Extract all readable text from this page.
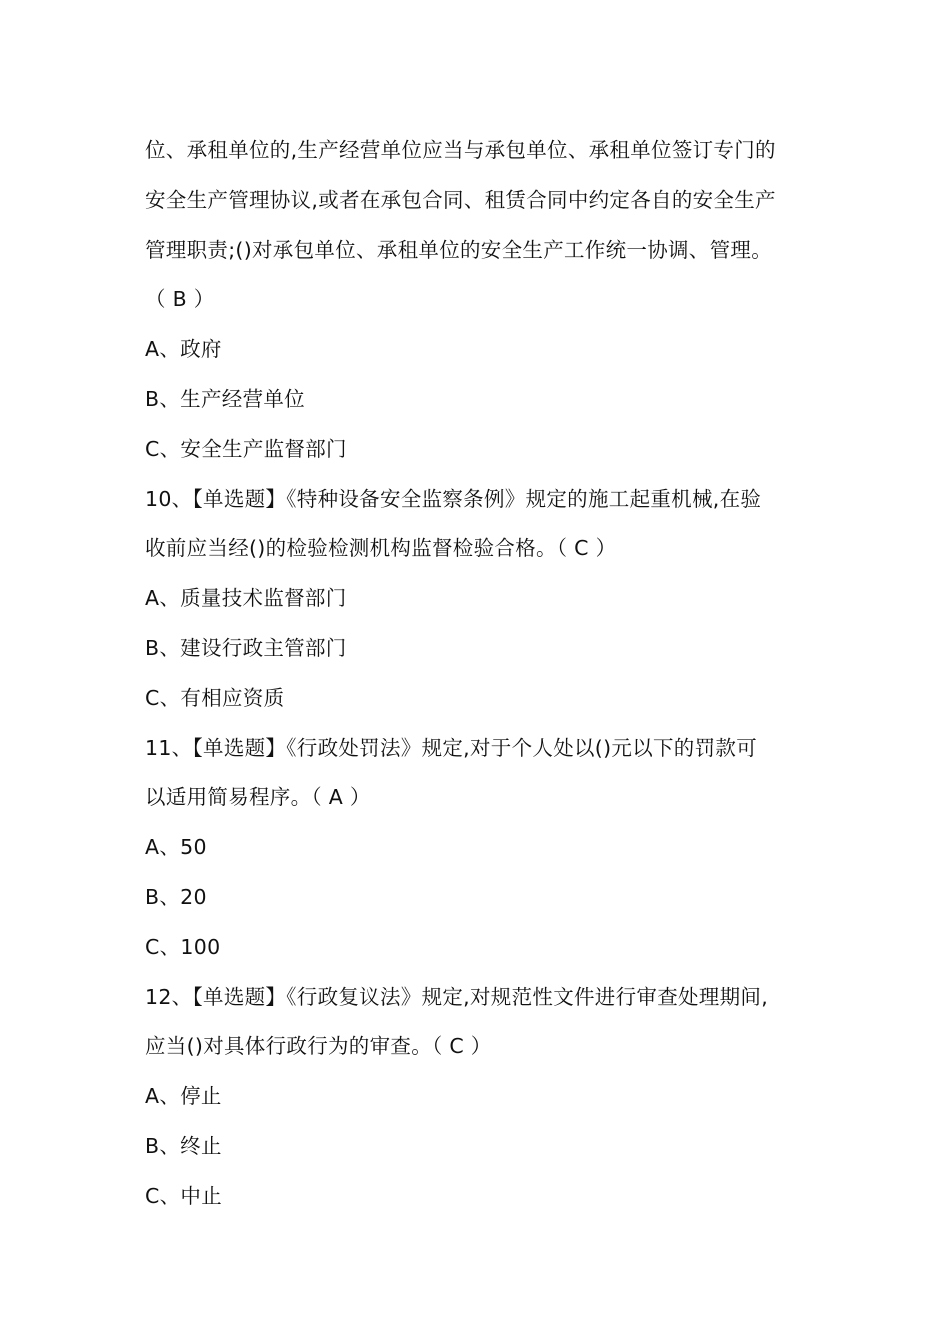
位、承租单位的,生产经营单位应当与承包单位、承租单位签订专门的
安全生产管理协议,或者在承包合同、租赁合同中约定各自的安全生产
管理职责;()对承包单位、承租单位的安全生产工作统一协调、管理。
（ B ）
A、政府
B、生产经营单位
C、安全生产监督部门
10、【单选题】《特种设备安全监察条例》规定的施工起重机械,在验
收前应当经()的检验检测机构监督检验合格。（ C ）
A、质量技术监督部门
B、建设行政主管部门
C、有相应资质
11、【单选题】《行政处罚法》规定,对于个人处以()元以下的罚款可
以适用简易程序。（ A ）
A、50
B、20
C、100
12、【单选题】《行政复议法》规定,对规范性文件进行审查处理期间,
应当()对具体行政行为的审查。（ C ）
A、停止
B、终止
C、中止
